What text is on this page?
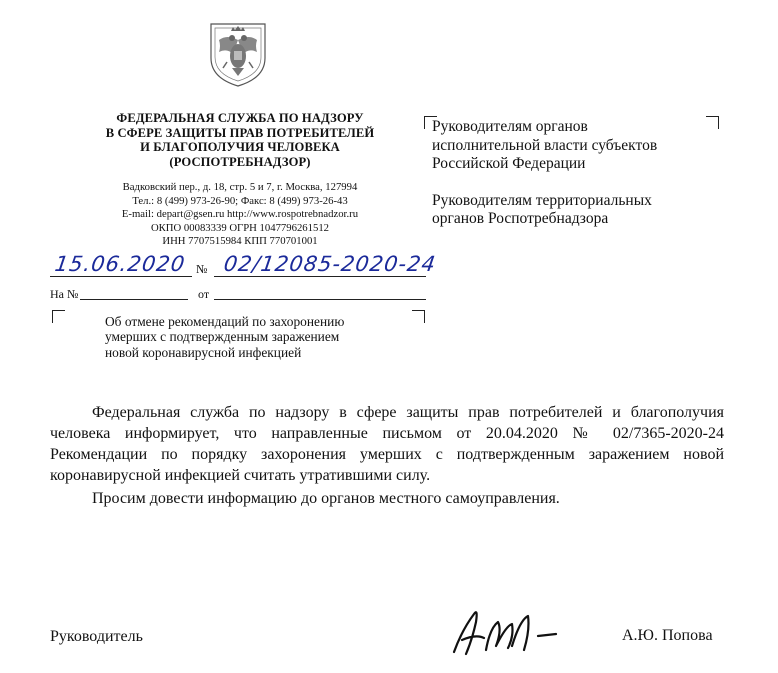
ФЕДЕРАЛЬНАЯ СЛУЖБА ПО НАДЗОРУ
В СФЕРЕ ЗАЩИТЫ ПРАВ ПОТРЕБИТЕЛЕЙ
И БЛАГОПОЛУЧИЯ ЧЕЛОВЕКА
(РОСПОТРЕБНАДЗОР)
Вадковский пер., д. 18, стр. 5 и 7, г. Москва, 127994
Тел.: 8 (499) 973-26-90; Факс: 8 (499) 973-26-43
E-mail: depart@gsen.ru http://www.rospotrebnadzor.ru
ОКПО 00083339 ОГРН 1047796261512
ИНН 7707515984 КПП 770701001
15.06.2020 № 02/12085-2020-24
На №	от
Об отмене рекомендаций по захоронению
умерших с подтвержденным заражением
новой коронавирусной инфекцией

Руководителям органов

исполнительной власти субъектов

Российской Федерации

Руководителям территориальных

органов Роспотребнадзора

Федеральная служба по надзору в сфере защиты прав потребителей и благополучия человека информирует, что направленные письмом от 20.04.2020 № 02/7365-2020-24 Рекомендации по порядку захоронения умерших с подтвержденным заражением новой коронавирусной инфекцией считать утратившими силу.

Просим довести информацию до органов местного самоуправления.

Руководитель	А.Ю. Попова
